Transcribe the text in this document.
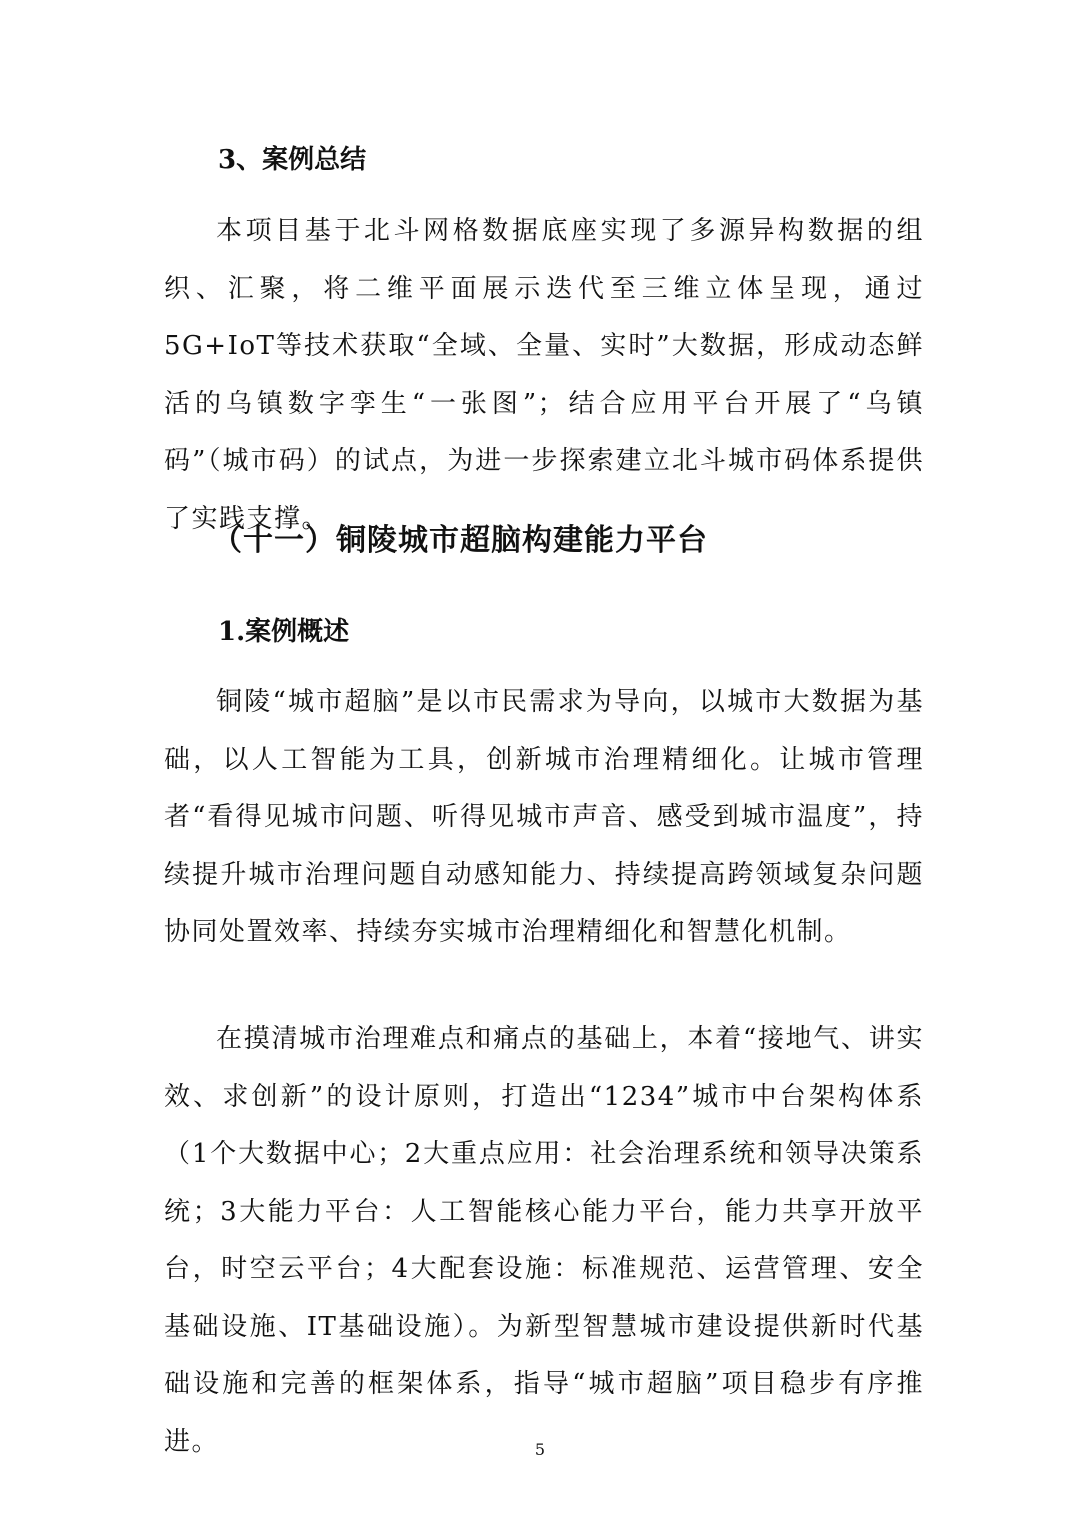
3、案例总结

本项目基于北斗网格数据底座实现了多源异构数据的组织、汇聚，将二维平面展示迭代至三维立体呈现，通过5G+IoT等技术获取“全域、全量、实时”大数据，形成动态鲜活的乌镇数字孪生“一张图”；结合应用平台开展了“乌镇码”（城市码）的试点，为进一步探索建立北斗城市码体系提供了实践支撑。

（十一）铜陵城市超脑构建能力平台
1.案例概述

铜陵“城市超脑”是以市民需求为导向，以城市大数据为基础，以人工智能为工具，创新城市治理精细化。让城市管理者“看得见城市问题、听得见城市声音、感受到城市温度”，持续提升城市治理问题自动感知能力、持续提高跨领域复杂问题协同处置效率、持续夯实城市治理精细化和智慧化机制。

在摸清城市治理难点和痛点的基础上，本着“接地气、讲实效、求创新”的设计原则，打造出“1234”城市中台架构体系（1个大数据中心；2大重点应用：社会治理系统和领导决策系统；3大能力平台：人工智能核心能力平台，能力共享开放平台，时空云平台；4大配套设施：标准规范、运营管理、安全基础设施、IT基础设施）。为新型智慧城市建设提供新时代基础设施和完善的框架体系，指导“城市超脑”项目稳步有序推进。	5
